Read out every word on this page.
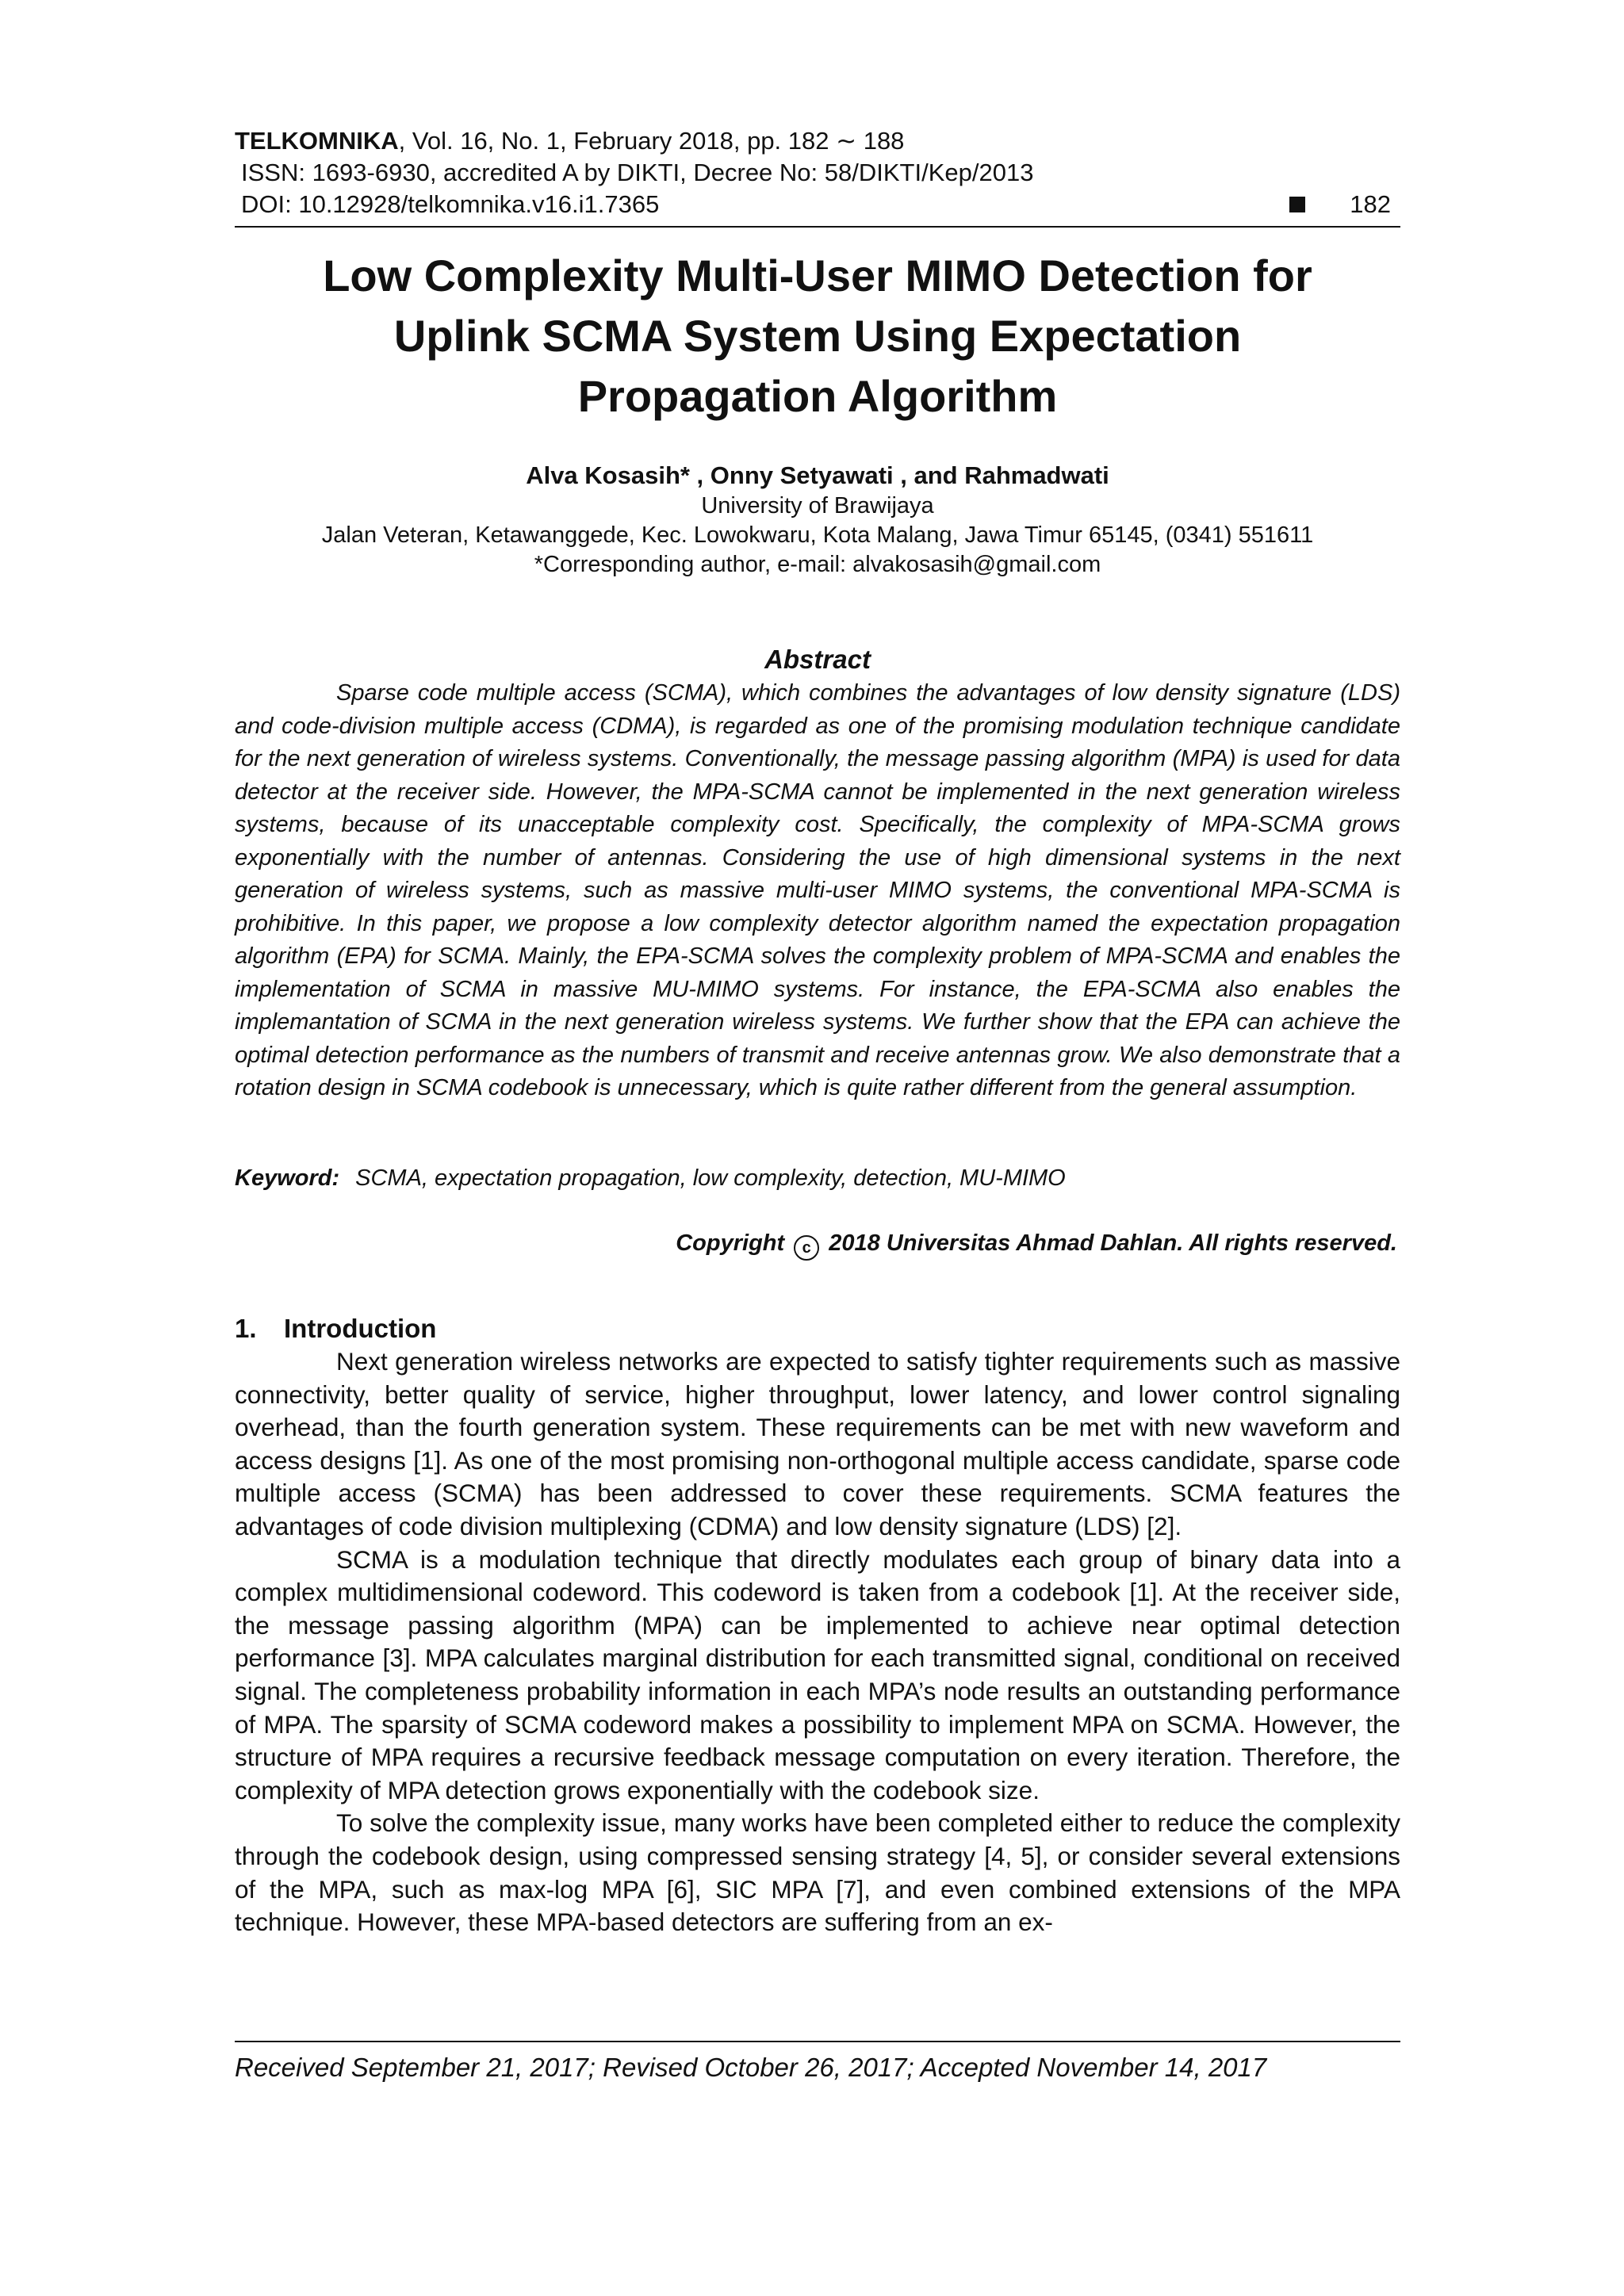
TELKOMNIKA, Vol. 16, No. 1, February 2018, pp. 182 ∼ 188
ISSN: 1693-6930, accredited A by DIKTI, Decree No: 58/DIKTI/Kep/2013
DOI: 10.12928/telkomnika.v16.i1.7365	182
Low Complexity Multi-User MIMO Detection for
Uplink SCMA System Using Expectation
Propagation Algorithm
Alva Kosasih* , Onny Setyawati , and Rahmadwati
University of Brawijaya
Jalan Veteran, Ketawanggede, Kec. Lowokwaru, Kota Malang, Jawa Timur 65145, (0341) 551611
*Corresponding author, e-mail: alvakosasih@gmail.com
Abstract
Sparse code multiple access (SCMA), which combines the advantages of low density signature (LDS) and code-division multiple access (CDMA), is regarded as one of the promising modulation technique candidate for the next generation of wireless systems. Conventionally, the message passing algorithm (MPA) is used for data detector at the receiver side. However, the MPA-SCMA cannot be implemented in the next generation wireless systems, because of its unacceptable complexity cost. Specifically, the complexity of MPA-SCMA grows exponentially with the number of antennas. Considering the use of high dimensional systems in the next generation of wireless systems, such as massive multi-user MIMO systems, the conventional MPA-SCMA is prohibitive. In this paper, we propose a low complexity detector algorithm named the expectation propagation algorithm (EPA) for SCMA. Mainly, the EPA-SCMA solves the complexity problem of MPA-SCMA and enables the implementation of SCMA in massive MU-MIMO systems. For instance, the EPA-SCMA also enables the implemantation of SCMA in the next generation wireless systems. We further show that the EPA can achieve the optimal detection performance as the numbers of transmit and receive antennas grow. We also demonstrate that a rotation design in SCMA codebook is unnecessary, which is quite rather different from the general assumption.
Keyword: SCMA, expectation propagation, low complexity, detection, MU-MIMO
Copyright c 2018 Universitas Ahmad Dahlan. All rights reserved.
1. Introduction

Next generation wireless networks are expected to satisfy tighter requirements such as massive connectivity, better quality of service, higher throughput, lower latency, and lower control signaling overhead, than the fourth generation system. These requirements can be met with new waveform and access designs [1]. As one of the most promising non-orthogonal multiple access candidate, sparse code multiple access (SCMA) has been addressed to cover these requirements. SCMA features the advantages of code division multiplexing (CDMA) and low density signature (LDS) [2].

SCMA is a modulation technique that directly modulates each group of binary data into a complex multidimensional codeword. This codeword is taken from a codebook [1]. At the receiver side, the message passing algorithm (MPA) can be implemented to achieve near optimal detection performance [3]. MPA calculates marginal distribution for each transmitted signal, conditional on received signal. The completeness probability information in each MPA’s node results an outstanding performance of MPA. The sparsity of SCMA codeword makes a possibility to implement MPA on SCMA. However, the structure of MPA requires a recursive feedback message computation on every iteration. Therefore, the complexity of MPA detection grows exponentially with the codebook size.

To solve the complexity issue, many works have been completed either to reduce the complexity through the codebook design, using compressed sensing strategy [4, 5], or consider several extensions of the MPA, such as max-log MPA [6], SIC MPA [7], and even combined extensions of the MPA technique. However, these MPA-based detectors are suffering from an ex-

Received September 21, 2017; Revised October 26, 2017; Accepted November 14, 2017
